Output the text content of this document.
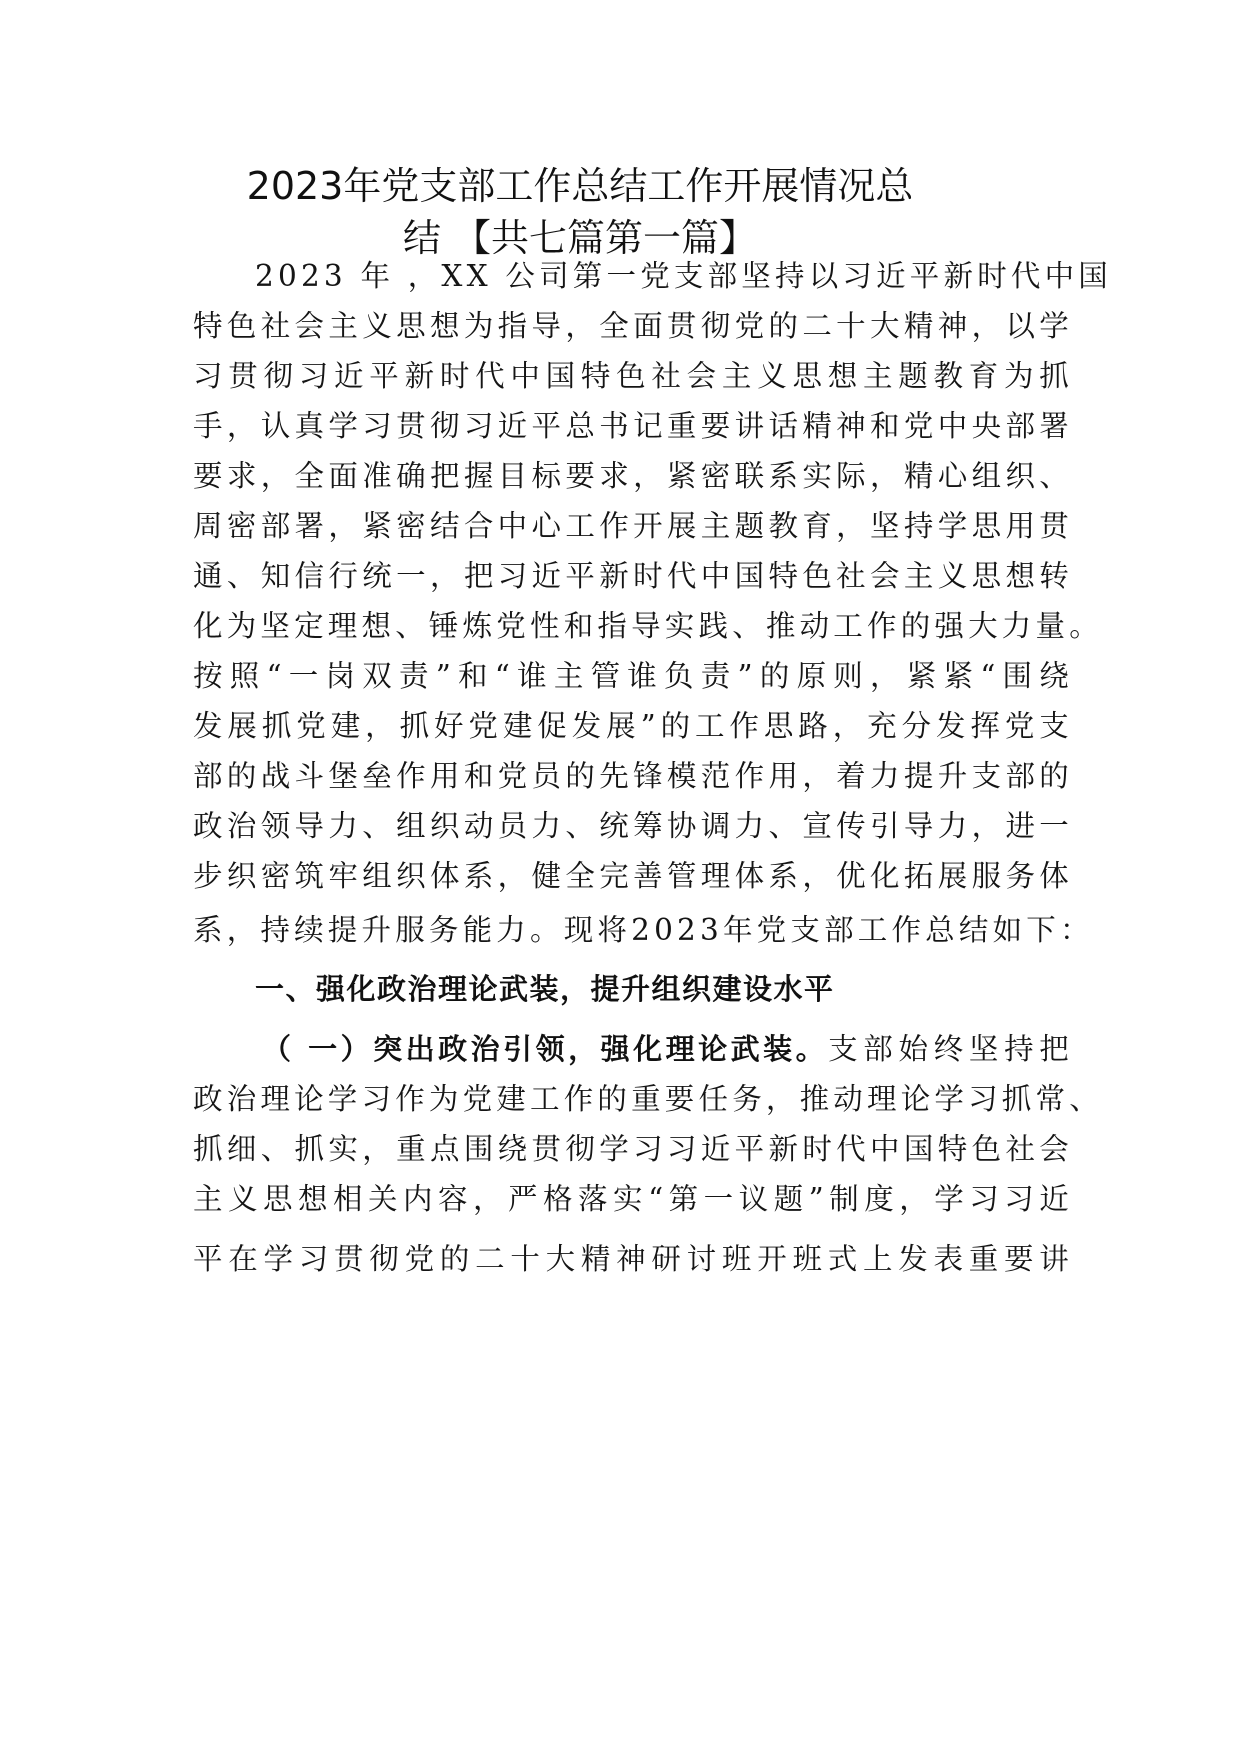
2023年党支部工作总结工作开展情况总
结 【共七篇第一篇】
2023 年 ，XX 公司第一党支部坚持以习近平新时代中国
特色社会主义思想为指导，全面贯彻党的二十大精神，以学
习贯彻习近平新时代中国特色社会主义思想主题教育为抓
手，认真学习贯彻习近平总书记重要讲话精神和党中央部署
要求，全面准确把握目标要求，紧密联系实际，精心组织、
周密部署，紧密结合中心工作开展主题教育，坚持学思用贯
通、知信行统一，把习近平新时代中国特色社会主义思想转
化为坚定理想、锤炼党性和指导实践、推动工作的强大力量。
按照“一岗双责”和“谁主管谁负责”的原则，紧紧“围绕
发展抓党建，抓好党建促发展”的工作思路，充分发挥党支
部的战斗堡垒作用和党员的先锋模范作用，着力提升支部的
政治领导力、组织动员力、统筹协调力、宣传引导力，进一
步织密筑牢组织体系，健全完善管理体系，优化拓展服务体
系，持续提升服务能力。现将2023年党支部工作总结如下：
一、强化政治理论武装，提升组织建设水平
（ 一）突出政治引领，强化理论武装。支部始终坚持把
政治理论学习作为党建工作的重要任务，推动理论学习抓常、
抓细、抓实，重点围绕贯彻学习习近平新时代中国特色社会
主义思想相关内容，严格落实“第一议题”制度，学习习近
平在学习贯彻党的二十大精神研讨班开班式上发表重要讲
